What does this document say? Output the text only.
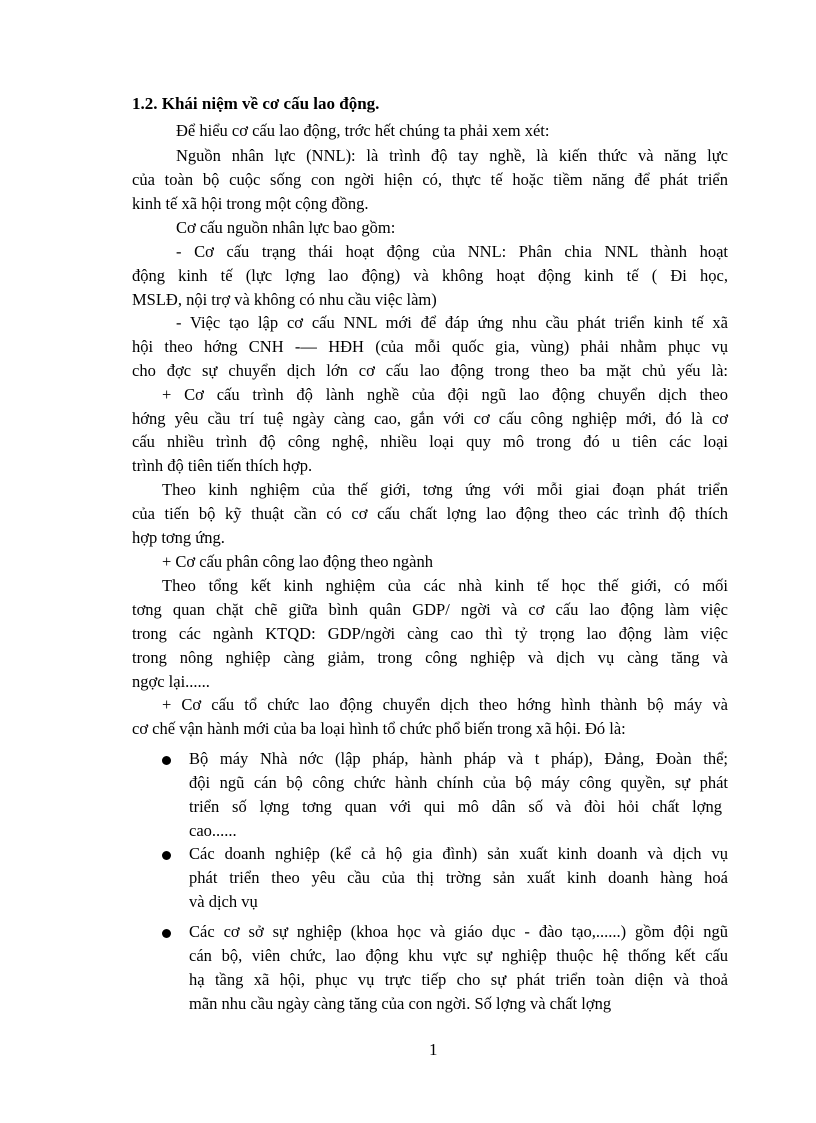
1.2. Khái niệm về cơ cấu lao động.
Để hiểu cơ cấu lao động, trớc hết chúng ta phải xem xét:
Nguồn nhân lực (NNL): là trình độ tay nghề, là kiến thức và năng lực
của toàn bộ cuộc sống con ngời hiện có, thực tế hoặc tiềm năng để phát triển
kinh tế xã hội trong một cộng đồng.
Cơ cấu nguồn nhân lực bao gồm:
- Cơ cấu trạng thái hoạt động của NNL: Phân chia NNL thành hoạt
động kinh tế (lực lợng lao động) và không hoạt động kinh tế ( Đi học,
MSLĐ, nội trợ và không có nhu cầu việc làm)
- Việc tạo lập cơ cấu NNL mới để đáp ứng nhu cầu phát triển kinh tế xã
hội theo hớng CNH -— HĐH (của mỗi quốc gia, vùng) phải nhằm phục vụ
cho đợc sự chuyển dịch lớn cơ cấu lao động trong theo ba mặt chủ yếu là:
+ Cơ cấu trình độ lành nghề của đội ngũ lao động chuyển dịch theo
hớng yêu cầu trí tuệ ngày càng cao, gắn với cơ cấu công nghiệp mới, đó là cơ
cấu nhiều trình độ công nghệ, nhiều loại quy mô trong đó u tiên các loại
trình độ tiên tiến thích hợp.
Theo kinh nghiệm của thế giới, tơng ứng với mỗi giai đoạn phát triển
của tiến bộ kỹ thuật cần có cơ cấu chất lợng lao động theo các trình độ thích
hợp tơng ứng.
+ Cơ cấu phân công lao động theo ngành
Theo tổng kết kinh nghiệm của các nhà kinh tế học thế giới, có mối
tơng quan chặt chẽ giữa bình quân GDP/ ngời và cơ cấu lao động làm việc
trong các ngành KTQD: GDP/ngời càng cao thì tỷ trọng lao động làm việc
trong nông nghiệp càng giảm, trong công nghiệp và dịch vụ càng tăng và
ngợc lại......
+ Cơ cấu tổ chức lao động chuyển dịch theo hớng hình thành bộ máy và
cơ chế vận hành mới của ba loại hình tổ chức phổ biến trong xã hội. Đó là:
Bộ máy Nhà nớc (lập pháp, hành pháp và t pháp), Đảng, Đoàn thể;
đội ngũ cán bộ công chức hành chính của bộ máy công quyền, sự phát
triển số lợng tơng quan với qui mô dân số và đòi hỏi chất lợng
cao......
Các doanh nghiệp (kể cả hộ gia đình) sản xuất kinh doanh và dịch vụ
phát triển theo yêu cầu của thị trờng sản xuất kinh doanh hàng hoá
và dịch vụ
Các cơ sở sự nghiệp (khoa học và giáo dục - đào tạo,......) gồm đội ngũ
cán bộ, viên chức, lao động khu vực sự nghiệp thuộc hệ thống kết cấu
hạ tầng xã hội, phục vụ trực tiếp cho sự phát triển toàn diện và thoả
mãn nhu cầu ngày càng tăng của con ngời. Số lợng và chất lợng
1
